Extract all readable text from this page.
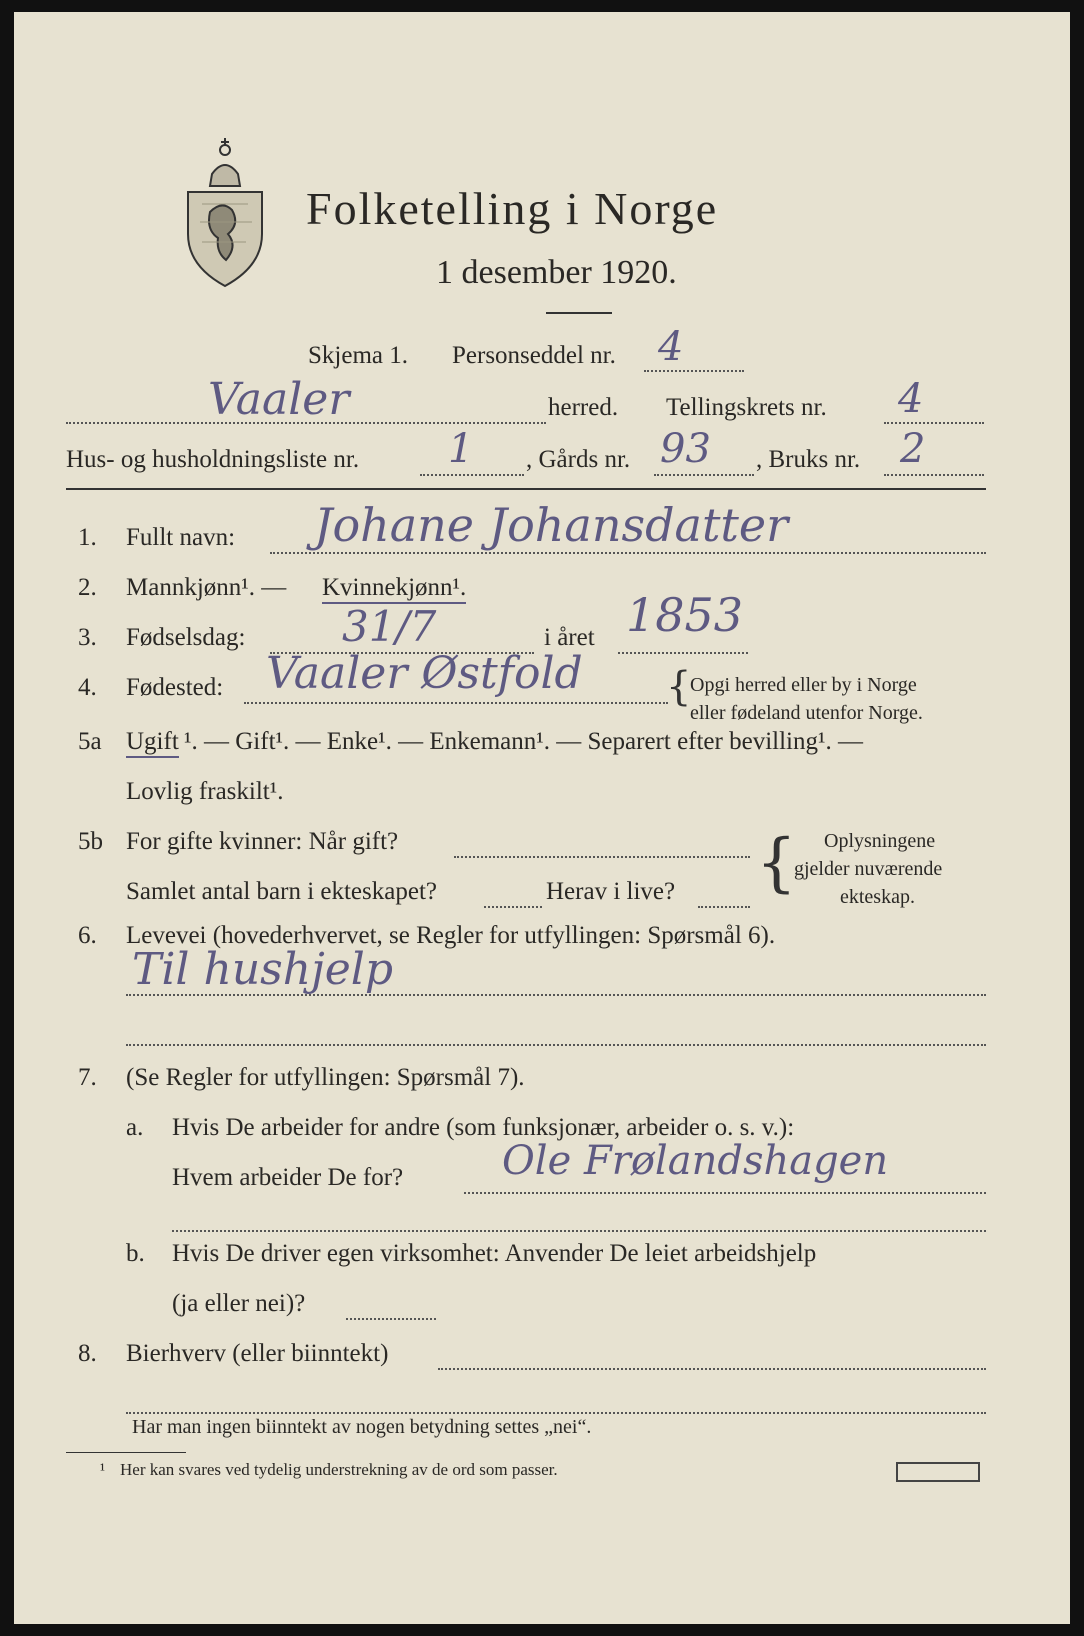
Folketelling i Norge
1 desember 1920.
Skjema 1. Personseddel nr. 4
Vaaler	herred. Tellingskrets nr. 4
Hus- og husholdningsliste nr. 1 , Gårds nr. 93 , Bruks nr. 2
1. Fullt navn: Johane Johansdatter
2. Mannkjønn¹. — Kvinnekjønn¹.
3. Fødselsdag: 31/7	i året 1853
4. Fødested: Vaaler Østfold {
Opgi herred eller by i Norge
eller fødeland utenfor Norge.
5a Ugift ¹. — Gift¹. — Enke¹. — Enkemann¹. — Separert efter bevilling¹. —
Lovlig fraskilt¹.
5b For gifte kvinner: Når gift?
Samlet antal barn i ekteskapet?	Herav i live? { Oplysningene
gjelder nuværende
ekteskap.
6. Levevei (hovederhvervet, se Regler for utfyllingen: Spørsmål 6).
Til hushjelp
7. (Se Regler for utfyllingen: Spørsmål 7).
a. Hvis De arbeider for andre (som funksjonær, arbeider o. s. v.):
Hvem arbeider De for? Ole Frølandshagen
b. Hvis De driver egen virksomhet: Anvender De leiet arbeidshjelp
(ja eller nei)?
8. Bierhverv (eller biinntekt)
Har man ingen biinntekt av nogen betydning settes „nei“.
¹ Her kan svares ved tydelig understrekning av de ord som passer.
